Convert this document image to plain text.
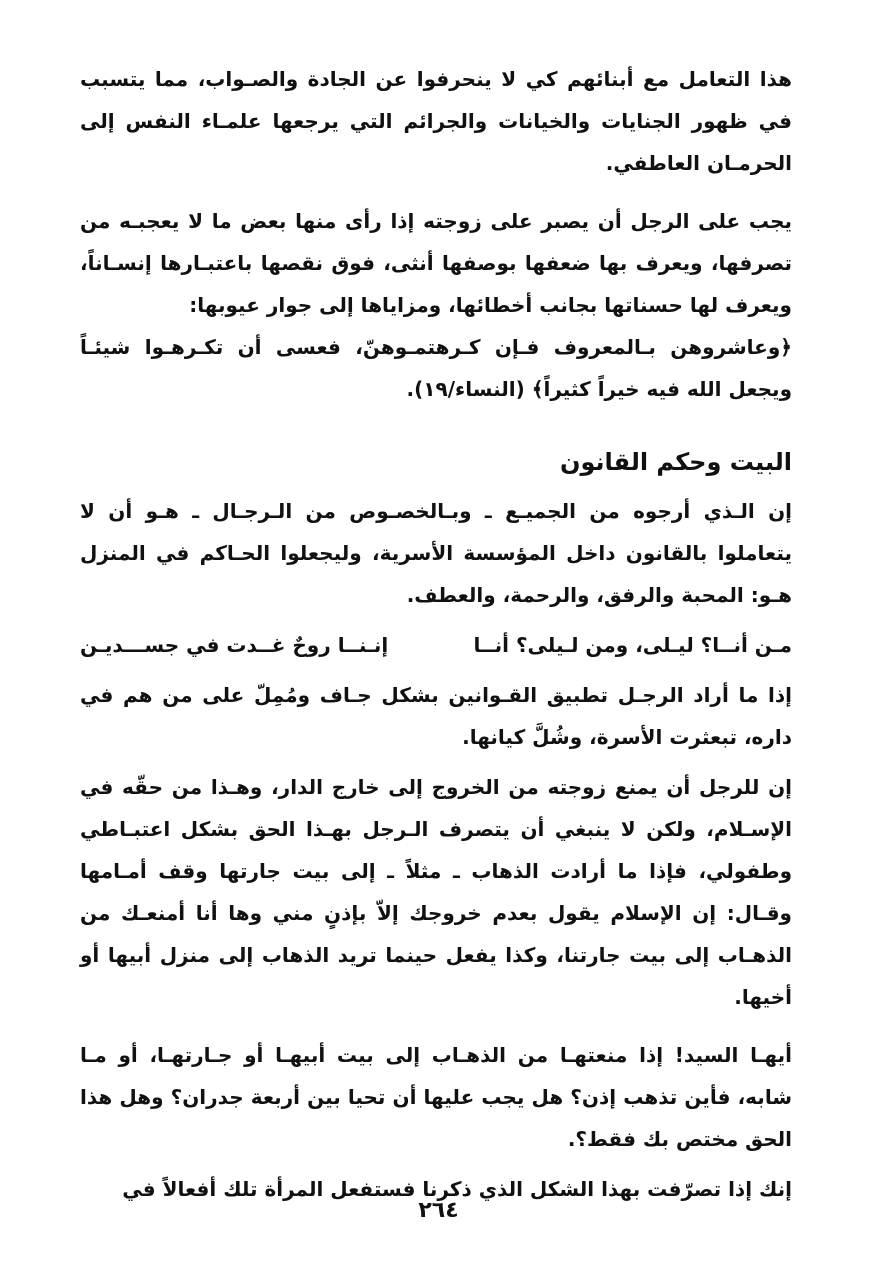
هذا التعامل مع أبنائهم كي لا ينحرفوا عن الجادة والصـواب، مما يتسبب في ظهور الجنايات والخيانات والجرائم التي يرجعها علمـاء النفس إلى الحرمـان العاطفي.

يجب على الرجل أن يصبر على زوجته إذا رأى منها بعض ما لا يعجبـه من تصرفها، ويعرف بها ضعفها بوصفها أنثى، فوق نقصها باعتبـارها إنسـاناً، ويعرف لها حسناتها بجانب أخطائها، ومزاياها إلى جوار عيوبها:

﴿وعاشروهن بـالمعروف فـإن كـرهتمـوهنّ، فعسى أن تكـرهـوا شيئـاً ويجعل الله فيه خيراً كثيراً﴾ (النساء/١٩).

البيت وحكم القانون

إن الـذي أرجوه من الجميـع ـ وبـالخصـوص من الـرجـال ـ هـو أن لا يتعاملوا بالقانون داخل المؤسسة الأسرية، وليجعلوا الحـاكم في المنزل هـو: المحبة والرفق، والرحمة، والعطف.

مـن أنــا؟ ليـلى، ومن لـيلى؟ أنــا
إنـنــا روحٌ غــدت في جســـديـن

إذا ما أراد الرجـل تطبيق القـوانين بشكل جـاف ومُمِلّ على من هم في داره، تبعثرت الأسرة، وشُلَّ كيانها.

إن للرجل أن يمنع زوجته من الخروج إلى خارج الدار، وهـذا من حقّه في الإسـلام، ولكن لا ينبغي أن يتصرف الـرجل بهـذا الحق بشكل اعتبـاطي وطفولي، فإذا ما أرادت الذهاب ـ مثلاً ـ إلى بيت جارتها وقف أمـامها وقـال: إن الإسلام يقول بعدم خروجك إلاّ بإذنٍ مني وها أنا أمنعـك من الذهـاب إلى بيت جارتنا، وكذا يفعل حينما تريد الذهاب إلى منزل أبيها أو أخيها.

أيهـا السيد! إذا منعتهـا من الذهـاب إلى بيت أبيهـا أو جـارتهـا، أو مـا شابه، فأين تذهب إذن؟ هل يجب عليها أن تحيا بين أربعة جدران؟ وهل هذا الحق مختص بك فقط؟.

إنك إذا تصرّفت بهذا الشكل الذي ذكرنا فستفعل المرأة تلك أفعالاً في

٢٦٤
